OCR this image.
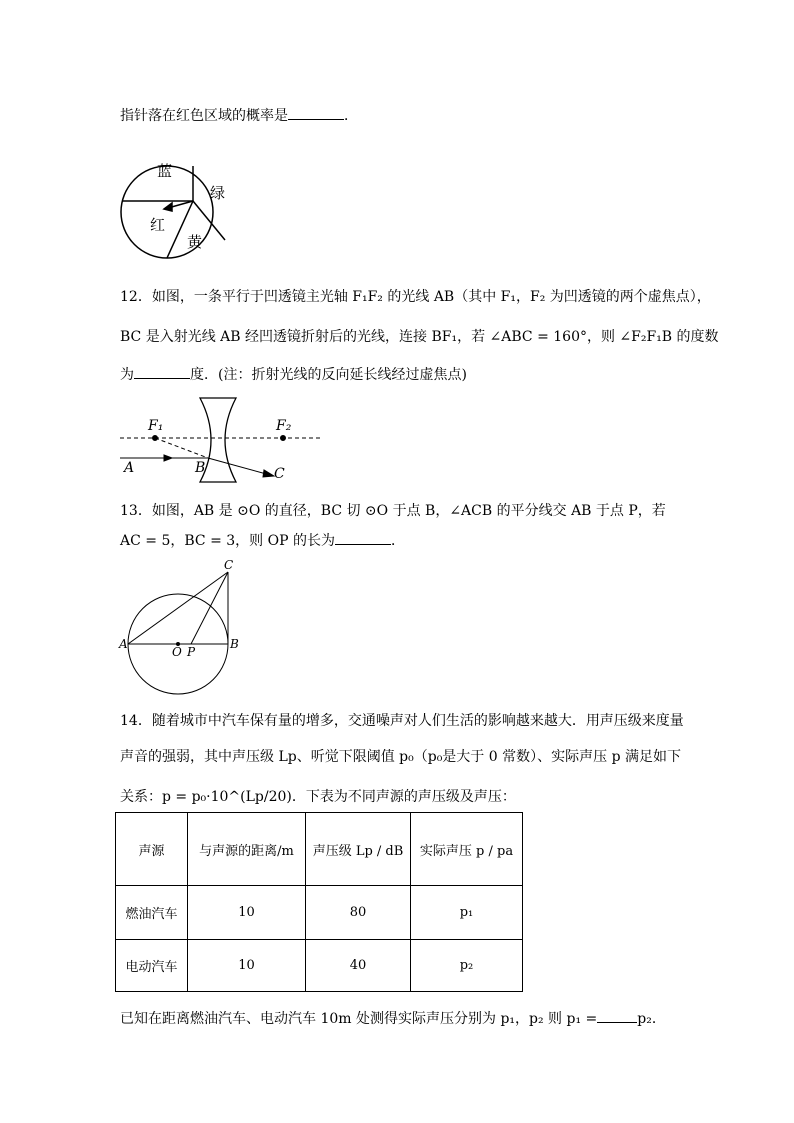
指针落在红色区域的概率是	．
蓝
绿
红
黄
F₁	F₂
A	B	C
C
A	B
O P
12．如图，一条平行于凹透镜主光轴 F₁F₂ 的光线 AB（其中 F₁，F₂ 为凹透镜的两个虚焦点），
BC 是入射光线 AB 经凹透镜折射后的光线，连接 BF₁，若 ∠ABC = 160°，则 ∠F₂F₁B 的度数
为	度．(注：折射光线的反向延长线经过虚焦点)
13．如图，AB 是 ⊙O 的直径，BC 切 ⊙O 于点 B，∠ACB 的平分线交 AB 于点 P，若
AC = 5，BC = 3，则 OP 的长为	．
14．随着城市中汽车保有量的增多，交通噪声对人们生活的影响越来越大．用声压级来度量
声音的强弱，其中声压级 Lp、听觉下限阈值 p₀（p₀是大于 0 常数）、实际声压 p 满足如下
关系：p = p₀·10^(Lp/20)．下表为不同声源的声压级及声压：
声源	与声源的距离/m	声压级 Lp / dB	实际声压 p / pa
燃油汽车	10	80	p₁
电动汽车	10	40	p₂
已知在距离燃油汽车、电动汽车 10m 处测得实际声压分别为 p₁，p₂ 则 p₁ =	p₂．
